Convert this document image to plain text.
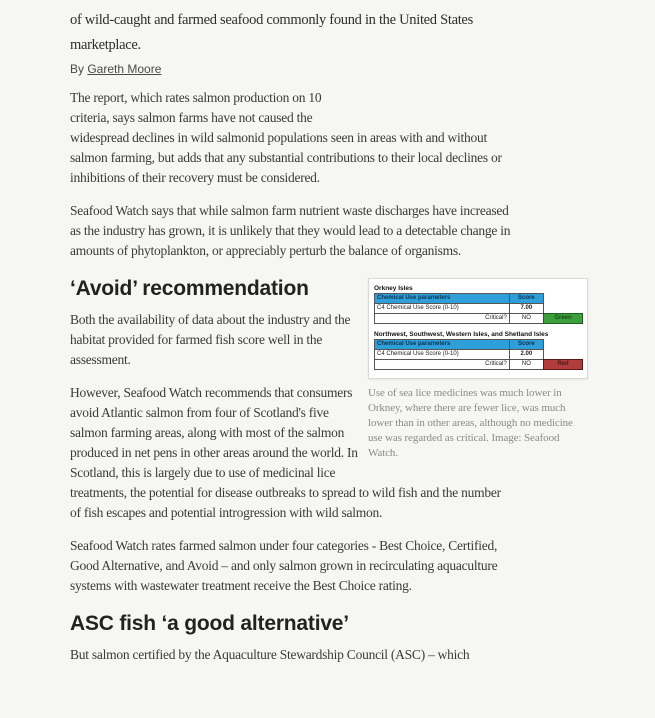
of wild-caught and farmed seafood commonly found in the United States marketplace.

By Gareth Moore

The report, which rates salmon production on 10 criteria, says salmon farms have not caused the widespread declines in wild salmonid populations seen in areas with and without salmon farming, but adds that any substantial contributions to their local declines or inhibitions of their recovery must be considered.

Seafood Watch says that while salmon farm nutrient waste discharges have increased as the industry has grown, it is unlikely that they would lead to a detectable change in amounts of phytoplankton, or appreciably perturb the balance of organisms.

Orkney Isles
Chemical Use parameters	Score
C4 Chemical Use Score (0-10)	7.00
Critical?	NO	Green
Northwest, Southwest, Western Isles, and Shetland Isles
Chemical Use parameters	Score
C4 Chemical Use Score (0-10)	2.00
Critical?	NO	Red
Use of sea lice medicines was much lower in Orkney, where there are fewer lice, was much lower than in other areas, although no medicine use was regarded as critical. Image: Seafood Watch.
‘Avoid’ recommendation

Both the availability of data about the industry and the habitat provided for farmed fish score well in the assessment.

However, Seafood Watch recommends that consumers avoid Atlantic salmon from four of Scotland's five salmon farming areas, along with most of the salmon produced in net pens in other areas around the world. In Scotland, this is largely due to use of medicinal lice treatments, the potential for disease outbreaks to spread to wild fish and the number of fish escapes and potential introgression with wild salmon.

Seafood Watch rates farmed salmon under four categories - Best Choice, Certified, Good Alternative, and Avoid – and only salmon grown in recirculating aquaculture systems with wastewater treatment receive the Best Choice rating.

ASC fish ‘a good alternative’

But salmon certified by the Aquaculture Stewardship Council (ASC) – which
